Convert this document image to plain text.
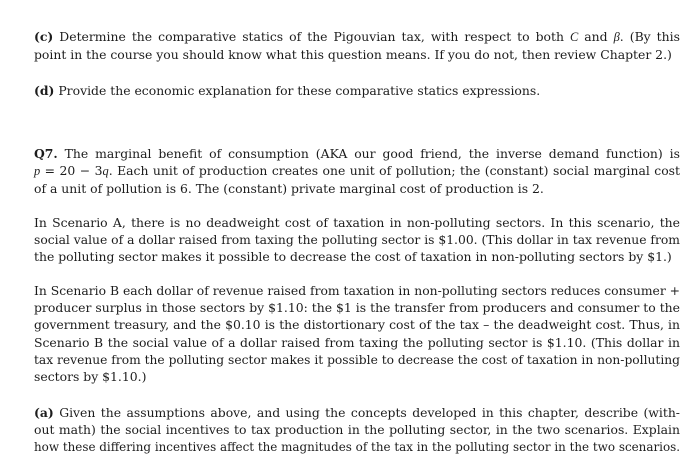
(c) Determine the comparative statics of the Pigouvian tax, with respect to both C and β. (By this
point in the course you should know what this question means. If you do not, then review Chapter 2.)

(d) Provide the economic explanation for these comparative statics expressions.

Q7. The marginal benefit of consumption (AKA our good friend, the inverse demand function) is
p = 20 − 3q. Each unit of production creates one unit of pollution; the (constant) social marginal cost
of a unit of pollution is 6. The (constant) private marginal cost of production is 2.

In Scenario A, there is no deadweight cost of taxation in non-polluting sectors. In this scenario, the
social value of a dollar raised from taxing the polluting sector is $1.00. (This dollar in tax revenue from
the polluting sector makes it possible to decrease the cost of taxation in non-polluting sectors by $1.)

In Scenario B each dollar of revenue raised from taxation in non-polluting sectors reduces consumer +
producer surplus in those sectors by $1.10: the $1 is the transfer from producers and consumer to the
government treasury, and the $0.10 is the distortionary cost of the tax – the deadweight cost. Thus, in
Scenario B the social value of a dollar raised from taxing the polluting sector is $1.10. (This dollar in
tax revenue from the polluting sector makes it possible to decrease the cost of taxation in non-polluting
sectors by $1.10.)

(a) Given the assumptions above, and using the concepts developed in this chapter, describe (with-
out math) the social incentives to tax production in the polluting sector, in the two scenarios. Explain
how these differing incentives affect the magnitudes of the tax in the polluting sector in the two scenarios.
